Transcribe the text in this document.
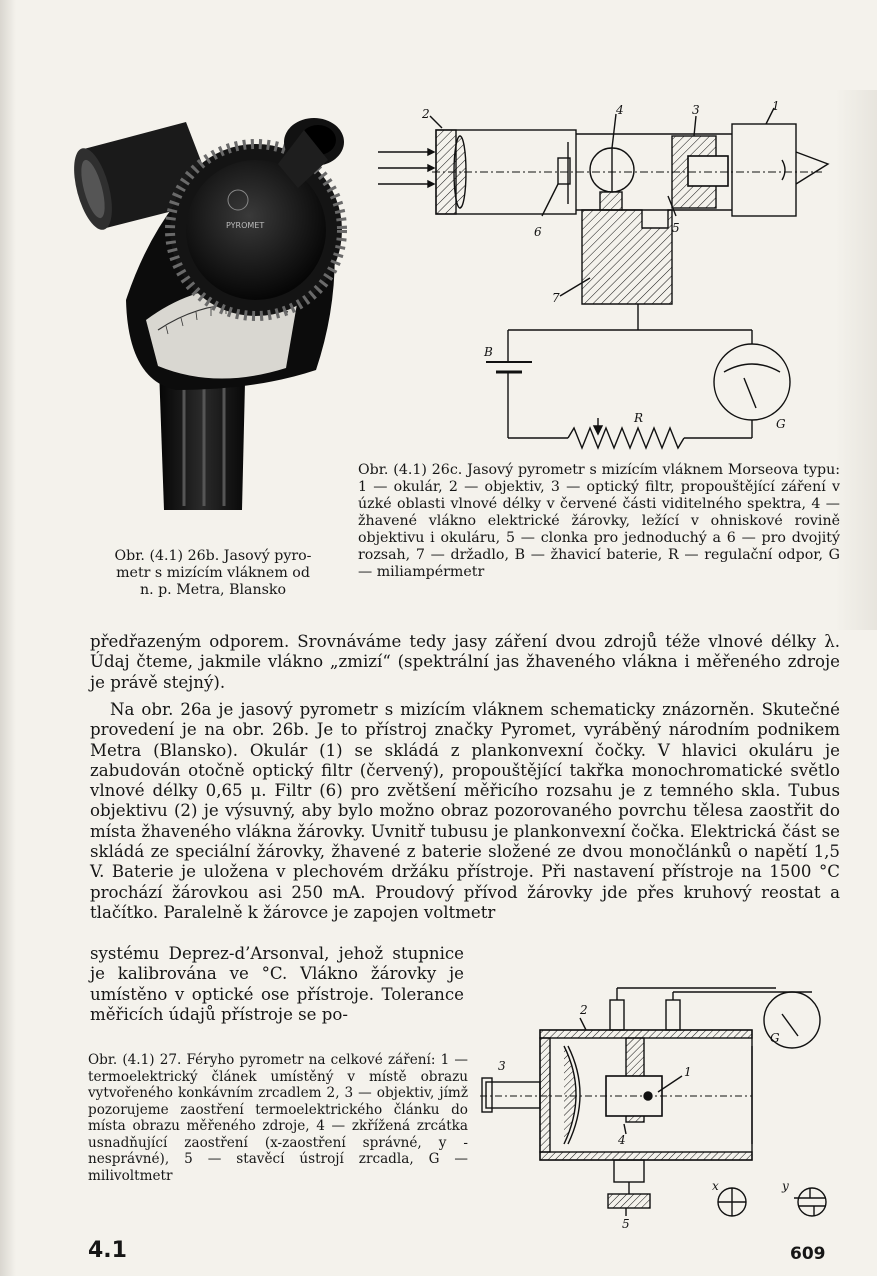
PYROMET
Obr. (4.1) 26b. Jasový pyro-
metr s mizícím vláknem od
n. p. Metra, Blansko
1
2	3
4
5
6
7
B
R	G
Obr. (4.1) 26c. Jasový pyrometr s mizícím vláknem Morseova typu: 1 — okulár, 2 — objektiv, 3 — optický filtr, propouštějící záření v úzké oblasti vlnové délky v červené části viditelného spektra, 4 — žhavené vlákno elektrické žárovky, ležící v ohniskové rovině objektivu i okuláru, 5 — clonka pro jednoduchý a 6 — pro dvojitý rozsah, 7 — držadlo, B — žhavicí baterie, R — regulační odpor, G — miliampérmetr

předřazeným odporem. Srovnáváme tedy jasy záření dvou zdrojů téže vlnové délky λ. Údaj čteme, jakmile vlákno „zmizí“ (spektrální jas žhaveného vlákna i měřeného zdroje je právě stejný).

Na obr. 26a je jasový pyrometr s mizícím vláknem schematicky znázorněn. Skutečné provedení je na obr. 26b. Je to přístroj značky Pyromet, vyráběný národním podnikem Metra (Blansko). Okulár (1) se skládá z plankonvexní čočky. V hlavici okuláru je zabudován otočně optický filtr (červený), propouštějící takřka monochromatické světlo vlnové délky 0,65 μ. Filtr (6) pro zvětšení měřicího rozsahu je z temného skla. Tubus objektivu (2) je výsuvný, aby bylo možno obraz pozorovaného povrchu tělesa zaostřit do místa žhaveného vlákna žárovky. Uvnitř tubusu je plankonvexní čočka. Elektrická část se skládá ze speciální žárovky, žhavené z baterie složené ze dvou monočlánků o napětí 1,5 V. Baterie je uložena v plechovém držáku přístroje. Při nastavení přístroje na 1500 °C prochází žárovkou asi 250 mA. Proudový přívod žárovky jde přes kruhový reostat a tlačítko. Paralelně k žárovce je zapojen voltmetr

systému Deprez-d’Arsonval, jehož stupnice je kalibrována ve °C. Vlákno žárovky je umístěno v optické ose přístroje. Tolerance měřicích údajů přístroje se po-

Obr. (4.1) 27. Féryho pyrometr na celkové záření: 1 — termoelektrický článek umístěný v místě obrazu vytvořeného konkávním zrcadlem 2, 3 — objektiv, jímž pozorujeme zaostření termoelektrického článku do místa obrazu měřeného zdroje, 4 — zkřížená zrcátka usnadňující zaostření (x-zaostření správné, y - nesprávné), 5 — stavěcí ústrojí zrcadla, G — milivoltmetr
1
2
3
4
5
G
x	y
4.1	609
